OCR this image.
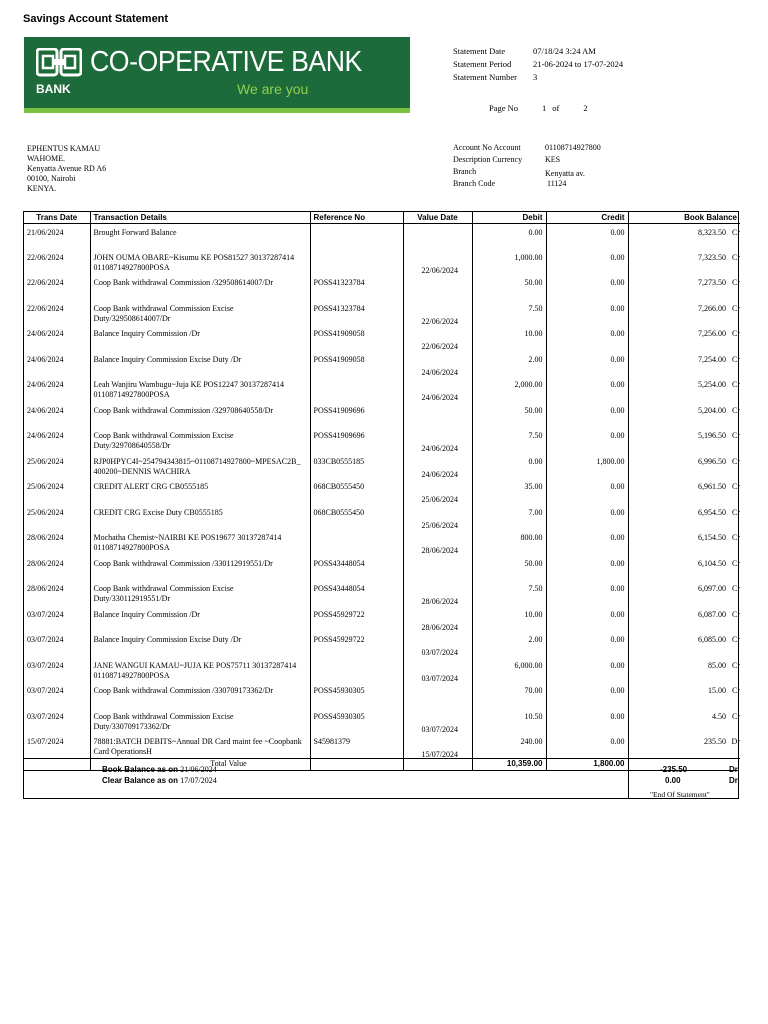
Savings Account Statement
BANK
CO-OPERATIVE BANK
We are you
Statement Date	07/18/24 3:24 AM
Statement Period	21-06-2024 to 17-07-2024
Statement Number	3
Page No	1 of	2
EPHENTUS KAMAU
WAHOME.
Kenyatta Avenue RD A6
00100, Nairobi
KENYA.
Account No Account	01108714927800
Description Currency	KES
Branch	Kenyatta av.
Branch Code	11124
Trans Date	Transaction Details	Reference No	Value Date	Debit	Credit	Book Balance
21/06/2024	Brought Forward Balance			0.00	0.00	8,323.50 Cr

22/06/2024	JOHN OUMA OBARE~Kisumu KE POS81527 30137287414 01108714927800POSA		22/06/2024	1,000.00	0.00	7,323.50 Cr

22/06/2024	Coop Bank withdrawal Commission /329508614007/Dr	POSS41323784		50.00	0.00	7,273.50 Cr

22/06/2024	Coop Bank withdrawal Commission Excise Duty/329508614007/Dr	POSS41323784	22/06/2024	7.50	0.00	7,266.00 Cr

24/06/2024	Balance Inquiry Commission /Dr	POSS41909058	22/06/2024	10.00	0.00	7,256.00 Cr

24/06/2024	Balance Inquiry Commission Excise Duty /Dr	POSS41909058	24/06/2024	2.00	0.00	7,254.00 Cr

24/06/2024	Leah Wanjiru Wambugu~Juja KE POS12247 30137287414 01108714927800POSA		24/06/2024	2,000.00	0.00	5,254.00 Cr

24/06/2024	Coop Bank withdrawal Commission /329708640558/Dr	POSS41909696		50.00	0.00	5,204.00 Cr

24/06/2024	Coop Bank withdrawal Commission Excise Duty/329708640558/Dr	POSS41909696	24/06/2024	7.50	0.00	5,196.50 Cr

25/06/2024	RJP0HPYC4I~254794343815~01108714927800~MPESAC2B_ 400200~DENNIS WACHIRA	033CB0555185	24/06/2024	0.00	1,800.00	6,996.50 Cr

25/06/2024	CREDIT ALERT CRG CB0555185	068CB0555450	25/06/2024	35.00	0.00	6,961.50 Cr

25/06/2024	CREDIT CRG Excise Duty CB0555185	068CB0555450	25/06/2024	7.00	0.00	6,954.50 Cr

28/06/2024	Mochatha Chemist~NAIRBI KE POS19677 30137287414 01108714927800POSA		28/06/2024	800.00	0.00	6,154.50 Cr

28/06/2024	Coop Bank withdrawal Commission /330112919551/Dr	POSS43448054		50.00	0.00	6,104.50 Cr

28/06/2024	Coop Bank withdrawal Commission Excise Duty/330112919551/Dr	POSS43448054	28/06/2024	7.50	0.00	6,097.00 Cr

03/07/2024	Balance Inquiry Commission /Dr	POSS45929722	28/06/2024	10.00	0.00	6,087.00 Cr

03/07/2024	Balance Inquiry Commission Excise Duty /Dr	POSS45929722	03/07/2024	2.00	0.00	6,085.00 Cr

03/07/2024	JANE WANGUI KAMAU~JUJA KE POS75711 30137287414 01108714927800POSA		03/07/2024	6,000.00	0.00	85.00 Cr

03/07/2024	Coop Bank withdrawal Commission /330709173362/Dr	POSS45930305		70.00	0.00	15.00 Cr

03/07/2024	Coop Bank withdrawal Commission Excise Duty/330709173362/Dr	POSS45930305	03/07/2024	10.50	0.00	4.50 Cr

15/07/2024	78881:BATCH DEBITS~Annual DR Card maint fee ~Coopbank Card OperationsH	S45981379	15/07/2024	240.00	0.00	235.50 Dr

	Total Value			10,359.00	1,800.00	
Book Balance as on 21/06/2024
Clear Balance as on 17/07/2024
-235.50	Dr
0.00	Dr
"End Of Statement"
